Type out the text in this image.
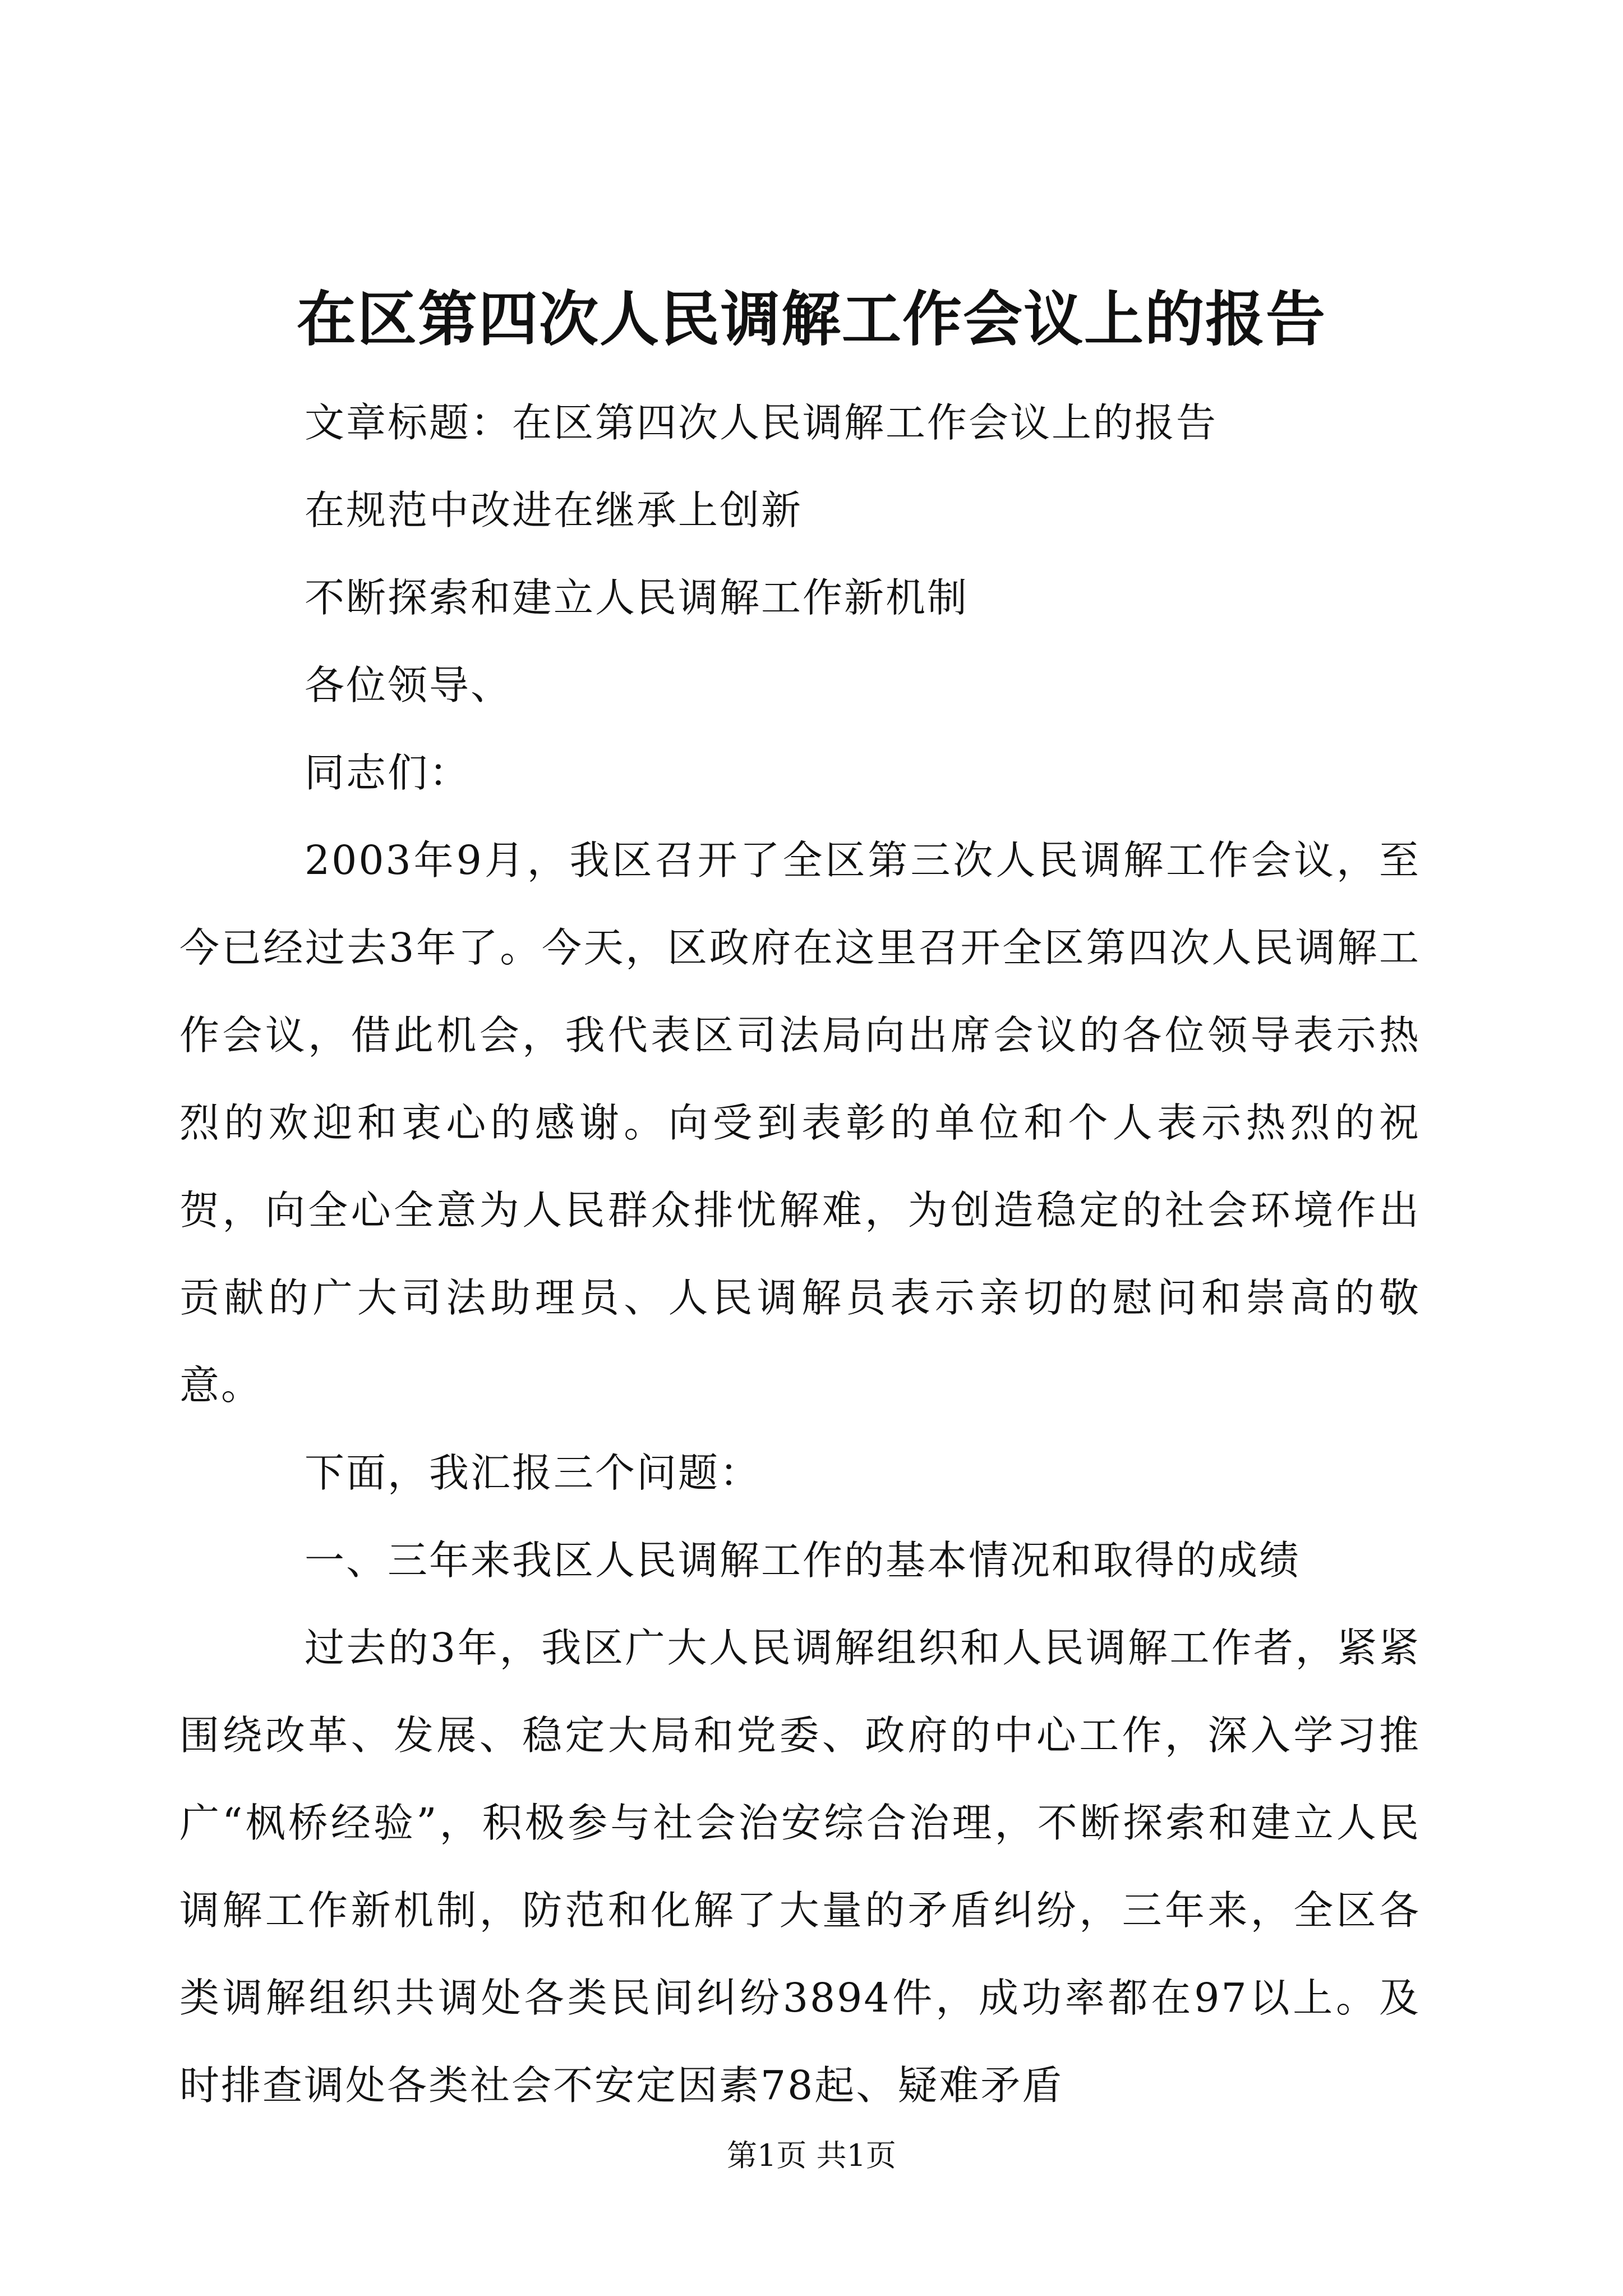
在区第四次人民调解工作会议上的报告

文章标题：在区第四次人民调解工作会议上的报告

在规范中改进在继承上创新

不断探索和建立人民调解工作新机制

各位领导、

同志们：

2003年9月，我区召开了全区第三次人民调解工作会议，至今已经过去3年了。今天，区政府在这里召开全区第四次人民调解工作会议，借此机会，我代表区司法局向出席会议的各位领导表示热烈的欢迎和衷心的感谢。向受到表彰的单位和个人表示热烈的祝贺，向全心全意为人民群众排忧解难，为创造稳定的社会环境作出贡献的广大司法助理员、人民调解员表示亲切的慰问和崇高的敬意。

下面，我汇报三个问题：

一、三年来我区人民调解工作的基本情况和取得的成绩

过去的3年，我区广大人民调解组织和人民调解工作者，紧紧围绕改革、发展、稳定大局和党委、政府的中心工作，深入学习推广“枫桥经验”，积极参与社会治安综合治理，不断探索和建立人民调解工作新机制，防范和化解了大量的矛盾纠纷，三年来，全区各类调解组织共调处各类民间纠纷3894件，成功率都在97以上。及时排查调处各类社会不安定因素78起、疑难矛盾

第1页 共1页
